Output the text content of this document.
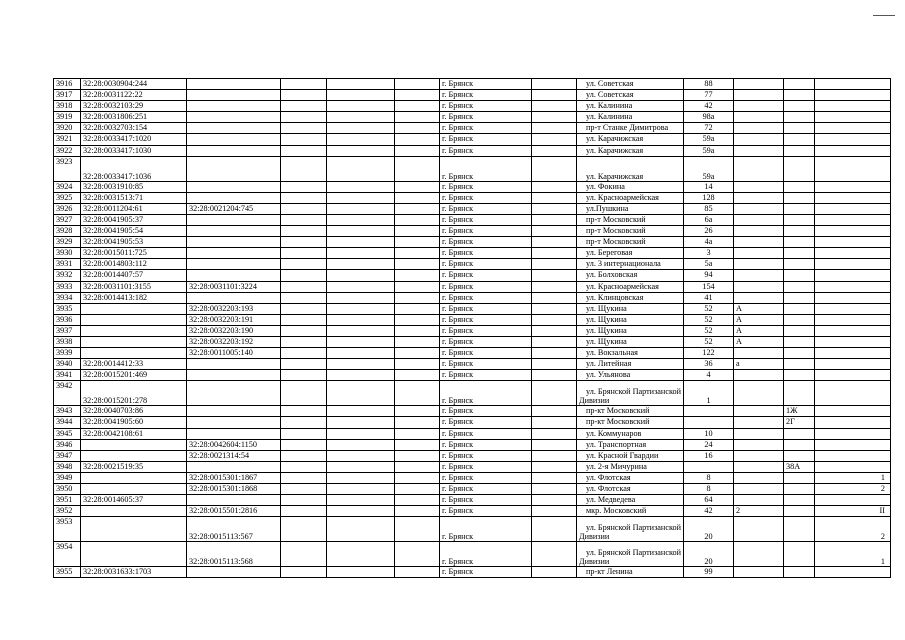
3916	32:28:0030904:244					г. Брянск		ул. Советская	88			
3917	32:28:0031122:22					г. Брянск		ул. Советская	77			
3918	32:28:0032103:29					г. Брянск		ул. Калинина	42			
3919	32:28:0031806:251					г. Брянск		ул. Калинина	98а			
3920	32:28:0032703:154					г. Брянск		пр-т Станке Димитрова	72			
3921	32:28:0033417:1020					г. Брянск		ул. Карачижская	59а			
3922	32:28:0033417:1030					г. Брянск		ул. Карачижская	59а			
3923	32:28:0033417:1036					г. Брянск		ул. Карачижская	59а			
3924	32:28:0031910:85					г. Брянск		ул. Фокина	14			
3925	32:28:0031513:71					г. Брянск		ул. Красноармейская	128			
3926	32:28:0011204:61	32:28:0021204:745				г. Брянск		ул.Пушкина	85			
3927	32:28:0041905:37					г. Брянск		пр-т Московский	6а			
3928	32:28:0041905:54					г. Брянск		пр-т Московский	26			
3929	32:28:0041905:53					г. Брянск		пр-т Московский	4а			
3930	32:28:0015011:725					г. Брянск		ул. Береговая	3			
3931	32:28:0014803:112					г. Брянск		ул. 3 интернационала	5а			
3932	32:28:0014407:57					г. Брянск		ул. Болховская	94			
3933	32:28:0031101:3155	32:28:0031101:3224				г. Брянск		ул. Красноармейская	154			
3934	32:28:0014413:182					г. Брянск		ул. Клинцовская	41			
3935		32:28:0032203:193				г. Брянск		ул. Щукина	52	А		
3936		32:28:0032203:191				г. Брянск		ул. Щукина	52	А		
3937		32:28:0032203:190				г. Брянск		ул. Щукина	52	А		
3938		32:28:0032203:192				г. Брянск		ул. Щукина	52	А		
3939		32:28:0011005:140				г. Брянск		ул. Вокзальная	122			
3940	32:28:0014412:33					г. Брянск		ул. Литейная	36	а		
3941	32:28:0015201:469					г. Брянск		ул. Ульянова	4			
3942	32:28:0015201:278					г. Брянск		ул. Брянской Партизанской
Дивизии	1			
3943	32:28:0040703:86					г. Брянск		пр-кт Московский			1Ж	
3944	32:28:0041905:60					г. Брянск		пр-кт Московский			2Г	
3945	32:28:0042108:61					г. Брянск		ул. Коммунаров	10			
3946		32:28:0042604:1150				г. Брянск		ул. Транспортная	24			
3947		32:28:0021314:54				г. Брянск		ул. Красной Гвардии	16			
3948	32:28:0021519:35					г. Брянск		ул. 2-я Мичурина			38А	
3949		32:28:0015301:1867				г. Брянск		ул. Флотская	8			1
3950		32:28:0015301:1868				г. Брянск		ул. Флотская	8			2
3951	32:28:0014605:37					г. Брянск		ул. Медведева	64			
3952		32:28:0015501:2816				г. Брянск		мкр. Московский	42	2		II
3953		32:28:0015113:567				г. Брянск		ул. Брянской Партизанской
Дивизии	20			2
3954		32:28:0015113:568				г. Брянск		ул. Брянской Партизанской
Дивизии	20			1
3955	32:28:0031633:1703					г. Брянск		пр-кт Ленина	99			
